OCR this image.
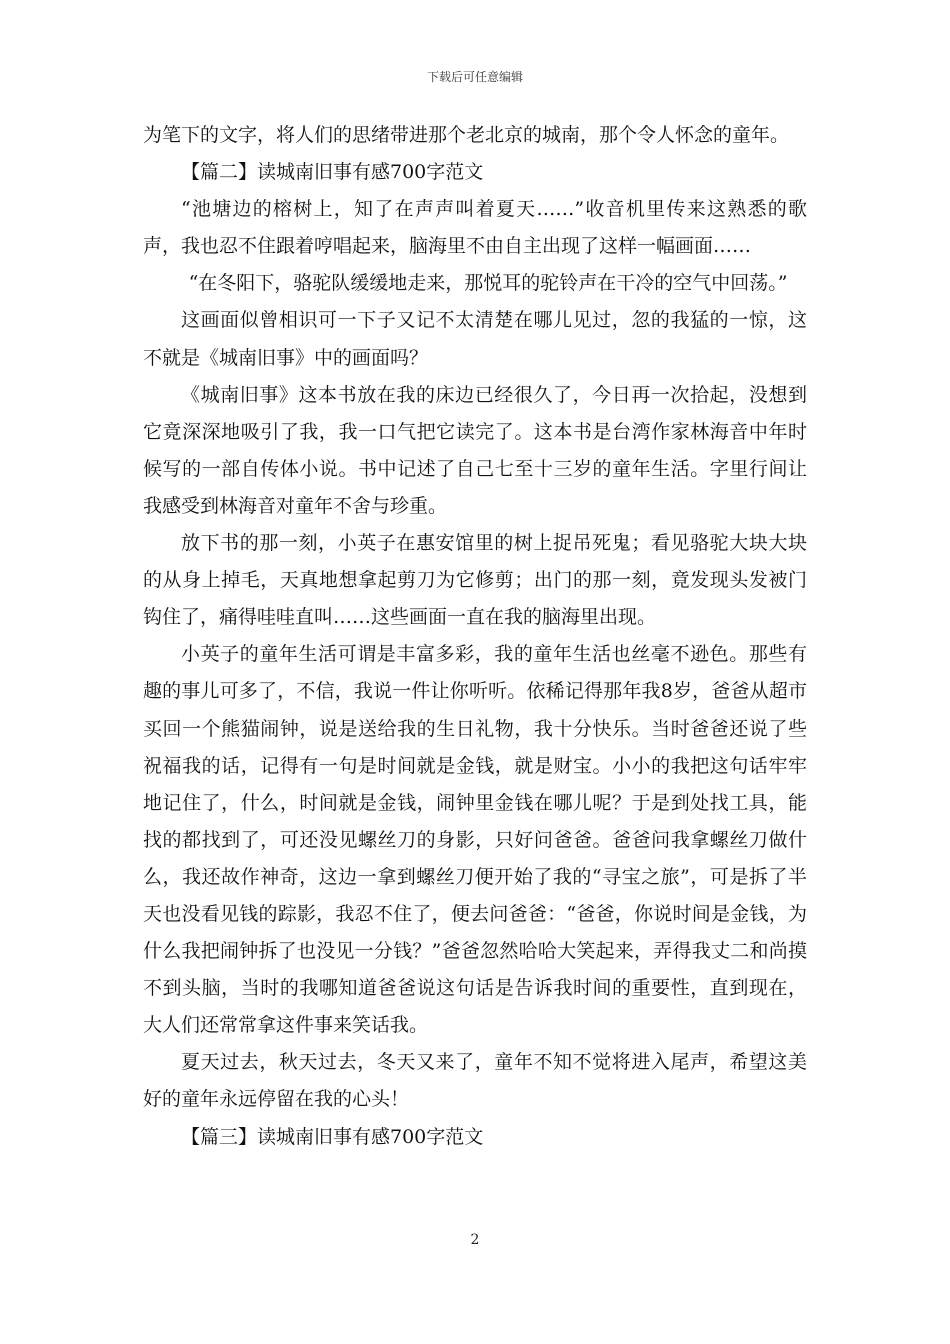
下载后可任意编辑

为笔下的文字，将人们的思绪带进那个老北京的城南，那个令人怀念的童年。

【篇二】读城南旧事有感700字范文

“池塘边的榕树上，知了在声声叫着夏天……”收音机里传来这熟悉的歌声，我也忍不住跟着哼唱起来，脑海里不由自主出现了这样一幅画面……

“在冬阳下，骆驼队缓缓地走来，那悦耳的驼铃声在干冷的空气中回荡。”

这画面似曾相识可一下子又记不太清楚在哪儿见过，忽的我猛的一惊，这不就是《城南旧事》中的画面吗？

《城南旧事》这本书放在我的床边已经很久了，今日再一次拾起，没想到它竟深深地吸引了我，我一口气把它读完了。这本书是台湾作家林海音中年时候写的一部自传体小说。书中记述了自己七至十三岁的童年生活。字里行间让我感受到林海音对童年不舍与珍重。

放下书的那一刻，小英子在惠安馆里的树上捉吊死鬼；看见骆驼大块大块的从身上掉毛，天真地想拿起剪刀为它修剪；出门的那一刻，竟发现头发被门钩住了，痛得哇哇直叫……这些画面一直在我的脑海里出现。

小英子的童年生活可谓是丰富多彩，我的童年生活也丝毫不逊色。那些有趣的事儿可多了，不信，我说一件让你听听。依稀记得那年我8岁，爸爸从超市买回一个熊猫闹钟，说是送给我的生日礼物，我十分快乐。当时爸爸还说了些祝福我的话，记得有一句是时间就是金钱，就是财宝。小小的我把这句话牢牢地记住了，什么，时间就是金钱，闹钟里金钱在哪儿呢？于是到处找工具，能找的都找到了，可还没见螺丝刀的身影，只好问爸爸。爸爸问我拿螺丝刀做什么，我还故作神奇，这边一拿到螺丝刀便开始了我的“寻宝之旅”，可是拆了半天也没看见钱的踪影，我忍不住了，便去问爸爸：“爸爸，你说时间是金钱，为什么我把闹钟拆了也没见一分钱？”爸爸忽然哈哈大笑起来，弄得我丈二和尚摸不到头脑，当时的我哪知道爸爸说这句话是告诉我时间的重要性，直到现在，大人们还常常拿这件事来笑话我。

夏天过去，秋天过去，冬天又来了，童年不知不觉将进入尾声，希望这美好的童年永远停留在我的心头！

【篇三】读城南旧事有感700字范文

2
